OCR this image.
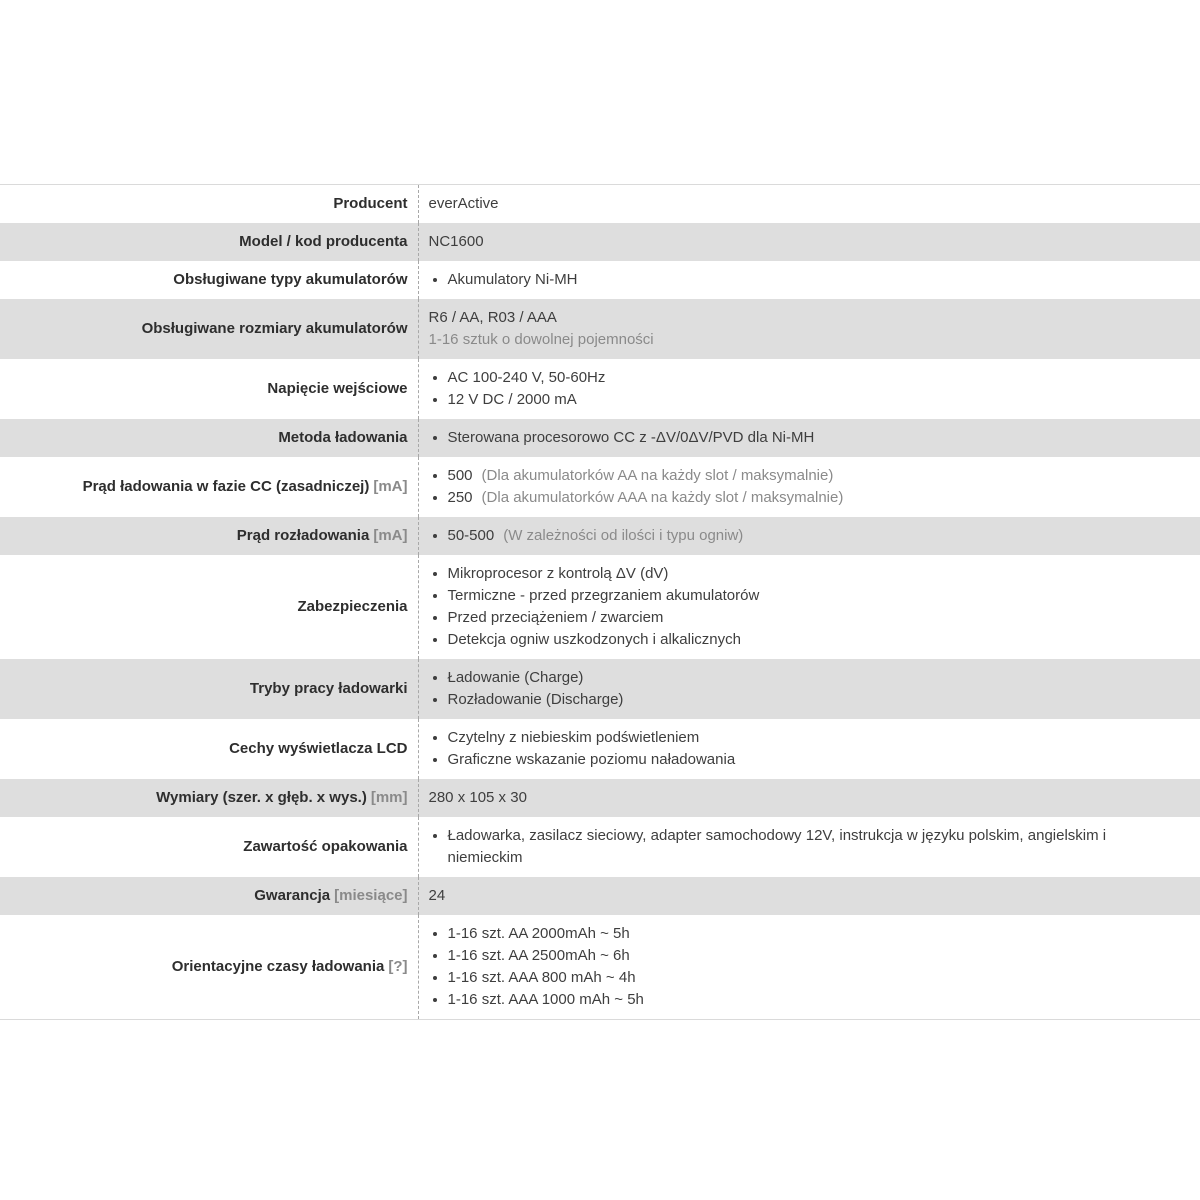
Producent	everActive

Model / kod producenta	NC1600

Obsługiwane typy akumulatorów	
•Akumulatory Ni-MH

Obsługiwane rozmiary akumulatorów	R6 / AA, R03 / AAA
1-16 sztuk o dowolnej pojemności

Napięcie wejściowe	
• AC 100-240 V, 50-60Hz
• 12 V DC / 2000 mA

Metoda ładowania	
•Sterowana procesorowo CC z -ΔV/0ΔV/PVD dla Ni-MH

Prąd ładowania w fazie CC (zasadniczej) [mA]	
• 500 (Dla akumulatorków AA na każdy slot / maksymalnie)
• 250 (Dla akumulatorków AAA na każdy slot / maksymalnie)

Prąd rozładowania [mA]	
•50-500 (W zależności od ilości i typu ogniw)

Zabezpieczenia	
• Mikroprocesor z kontrolą ΔV (dV)
• Termiczne - przed przegrzaniem akumulatorów
• Przed przeciążeniem / zwarciem
• Detekcja ogniw uszkodzonych i alkalicznych

Tryby pracy ładowarki	
• Ładowanie (Charge)
• Rozładowanie (Discharge)

Cechy wyświetlacza LCD	
• Czytelny z niebieskim podświetleniem
• Graficzne wskazanie poziomu naładowania

Wymiary (szer. x głęb. x wys.) [mm]	280 x 105 x 30

Zawartość opakowania	
• Ładowarka, zasilacz sieciowy, adapter samochodowy 12V, instrukcja w języku polskim, angielskim i niemieckim

Gwarancja [miesiące]	24

Orientacyjne czasy ładowania [?]	
• 1-16 szt. AA 2000mAh ~ 5h
• 1-16 szt. AA 2500mAh ~ 6h
• 1-16 szt. AAA 800 mAh ~ 4h
• 1-16 szt. AAA 1000 mAh ~ 5h
